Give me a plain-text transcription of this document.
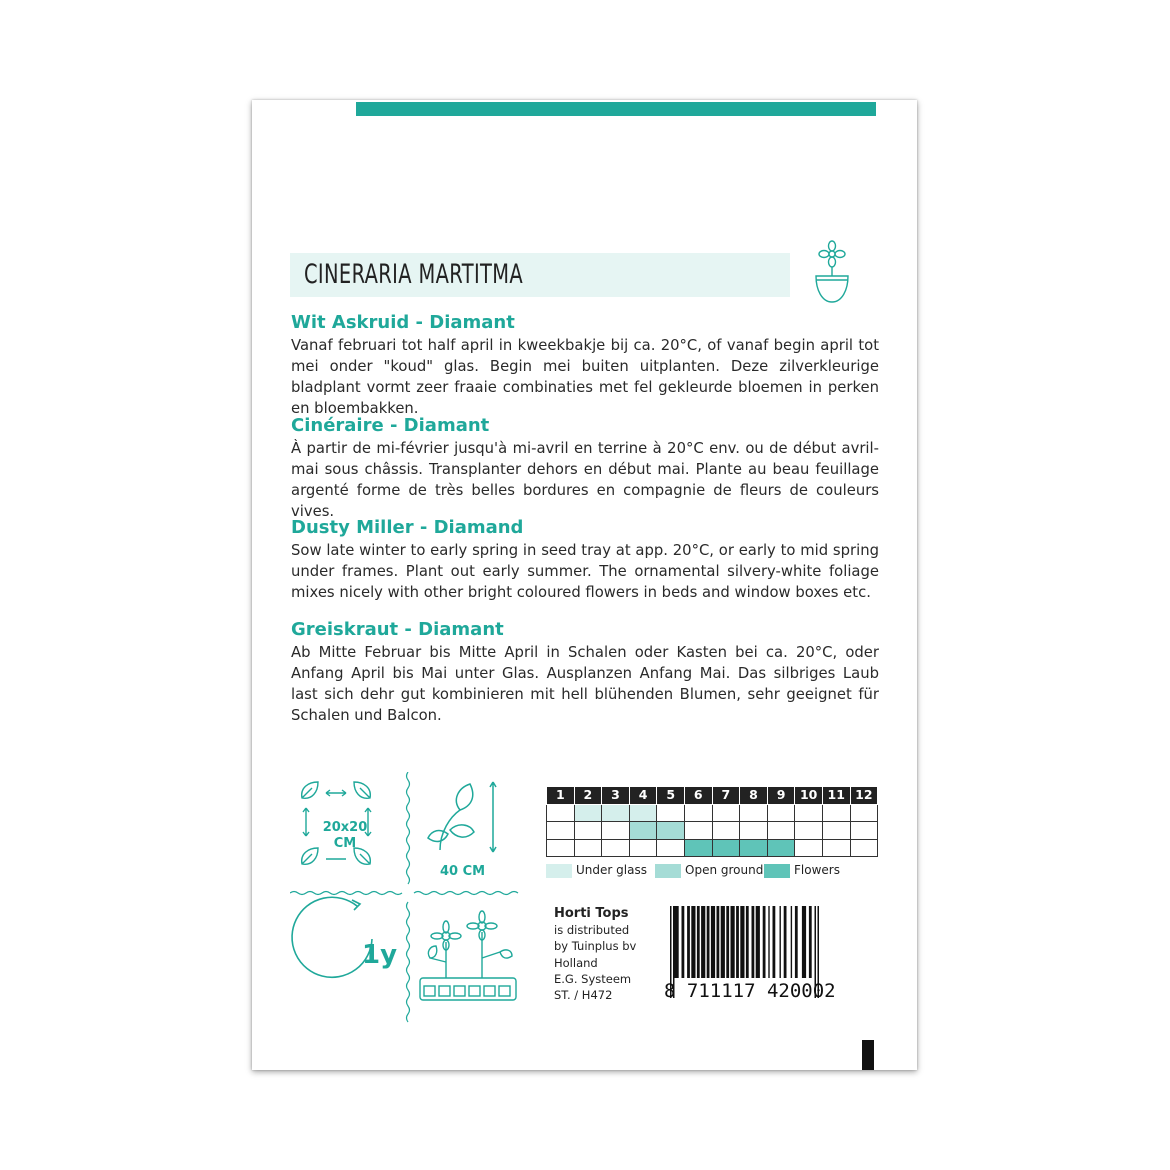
CINERARIA MARTITMA
Wit Askruid - Diamant
Vanaf februari tot half april in kweekbakje bij ca. 20°C, of vanaf begin april tot mei onder "koud" glas. Begin mei buiten uitplanten. Deze zilverkleurige bladplant vormt zeer fraaie combinaties met fel gekleurde bloemen in perken en bloembakken.
Cinéraire - Diamant
À partir de mi-février jusqu'à mi-avril en terrine à 20°C env. ou de début avril-mai sous châssis. Transplanter dehors en début mai. Plante au beau feuillage argenté forme de très belles bordures en compagnie de fleurs de couleurs vives.
Dusty Miller - Diamand
Sow late winter to early spring in seed tray at app. 20°C, or early to mid spring under frames. Plant out early summer. The ornamental silvery-white foliage mixes nicely with other bright coloured flowers in beds and window boxes etc.
Greiskraut - Diamant
Ab Mitte Februar bis Mitte April in Schalen oder Kasten bei ca. 20°C, oder Anfang April bis Mai unter Glas. Ausplanzen Anfang Mai. Das silbriges Laub last sich dehr gut kombinieren mit hell blühenden Blumen, sehr geeignet für Schalen und Balcon.
20x20
CM
40 CM
1y
1	2	3	4	5	6	7	8	9	10	11	12

Under glass	Open ground	Flowers
Horti Tops
is distributed
by Tuinplus bv
Holland
E.G. Systeem
ST. / H472	8 711117 420002
